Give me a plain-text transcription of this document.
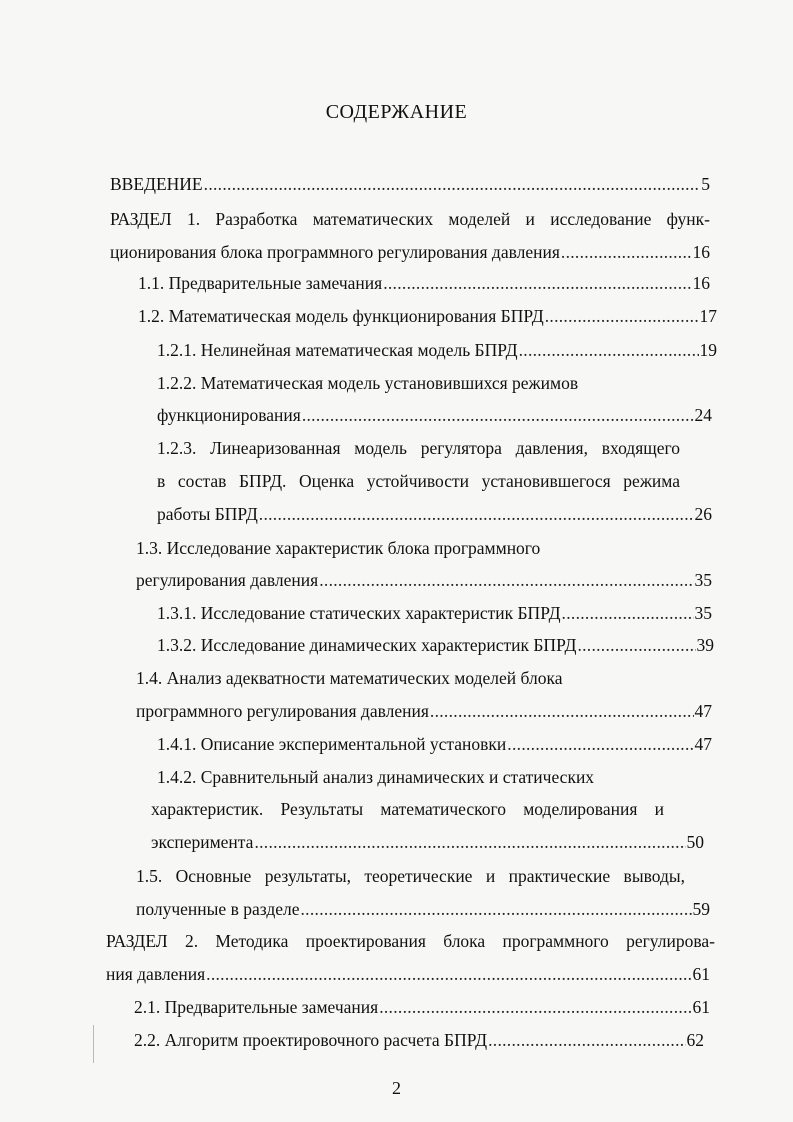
СОДЕРЖАНИЕ
ВВЕДЕНИЕ .....	5
РАЗДЕЛ 1. Разработка математических моделей и исследование функ-
ционирования блока программного регулирования давления .....	16
1.1. Предварительные замечания .....	16
1.2. Математическая модель функционирования БПРД .....	17
1.2.1. Нелинейная математическая модель БПРД .....	19
1.2.2. Математическая модель установившихся режимов
функционирования .....	24
1.2.3. Линеаризованная модель регулятора давления, входящего
в состав БПРД. Оценка устойчивости установившегося режима
работы БПРД .....	26
1.3. Исследование характеристик блока программного
регулирования давления .....	35
1.3.1. Исследование статических характеристик БПРД .....	35
1.3.2. Исследование динамических характеристик БПРД .....	39
1.4. Анализ адекватности математических моделей блока
программного регулирования давления .....	47
1.4.1. Описание экспериментальной установки .....	47
1.4.2. Сравнительный анализ динамических и статических
характеристик. Результаты математического моделирования и
эксперимента .....	50
1.5. Основные результаты, теоретические и практические выводы,
полученные в разделе .....	59
РАЗДЕЛ 2. Методика проектирования блока программного регулирова-
ния давления .....	61
2.1. Предварительные замечания .....	61
2.2. Алгоритм проектировочного расчета БПРД .....	62
2
